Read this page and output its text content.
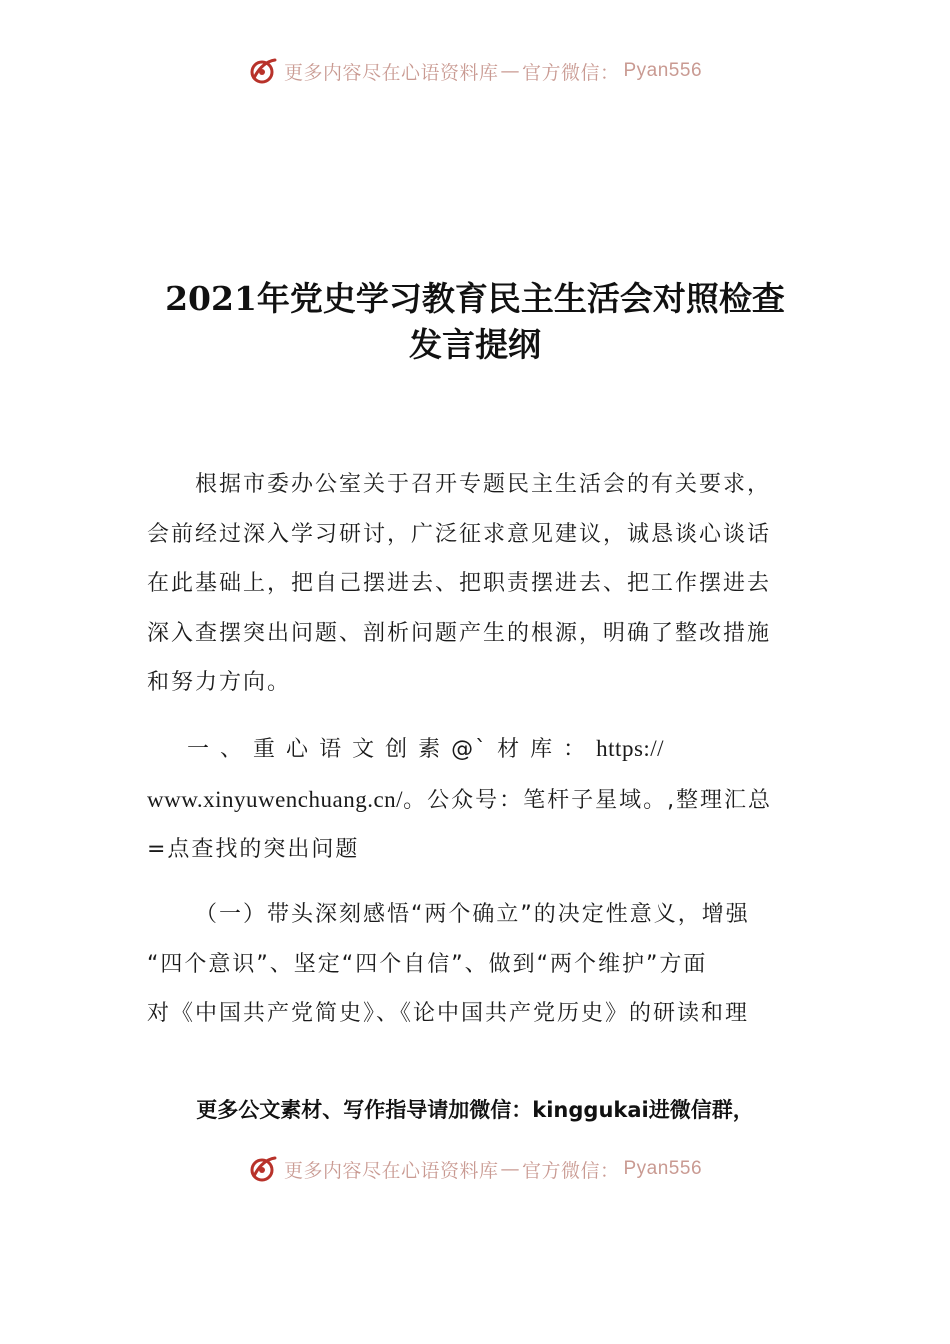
更多内容尽在心语资料库 — 官方微信： Pyan556
2021年党史学习教育民主生活会对照检查
发言提纲
根据市委办公室关于召开专题民主生活会的有关要求，
会前经过深入学习研讨，广泛征求意见建议，诚恳谈心谈话
在此基础上，把自己摆进去、把职责摆进去、把工作摆进去
深入查摆突出问题、剖析问题产生的根源，明确了整改措施
和努力方向。
一 、 重 心 语 文 创 素 @` 材 库 ： https://
www.xinyuwenchuang.cn/。公众号：笔杆子星域。,整理汇总
=点查找的突出问题
（一）带头深刻感悟“两个确立”的决定性意义，增强
“四个意识”、坚定“四个自信”、做到“两个维护”方面
对《中国共产党简史》、《论中国共产党历史》的研读和理
更多公文素材、写作指导请加微信：kinggukai进微信群，
更多内容尽在心语资料库 — 官方微信： Pyan556
